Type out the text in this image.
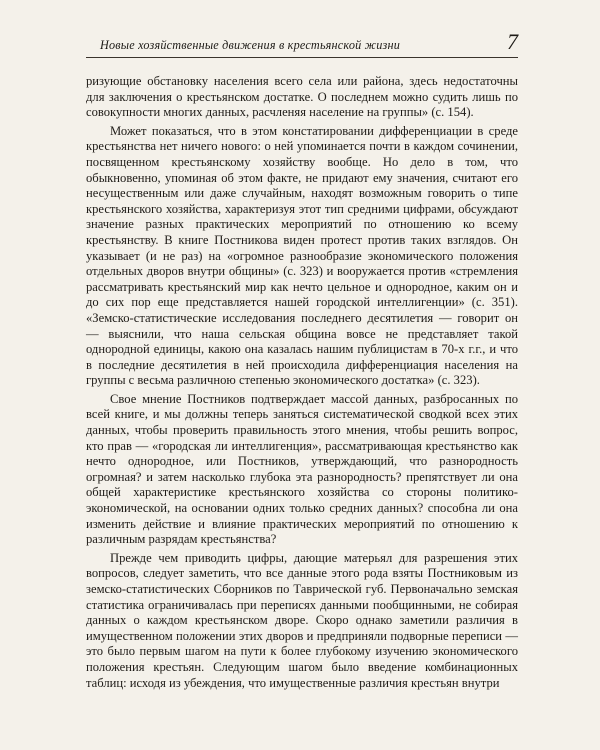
Новые хозяйственные движения в крестьянской жизни	7

ризующие обстановку населения всего села или района, здесь недостаточны для заключения о крестьянском достатке. О последнем можно судить лишь по совокупности многих данных, расчленяя население на группы» (с. 154).

Может показаться, что в этом констатировании дифференциации в среде крестьянства нет ничего нового: о ней упоминается почти в каждом сочинении, посвященном крестьянскому хозяйству вообще. Но дело в том, что обыкновенно, упоминая об этом факте, не придают ему значения, считают его несущественным или даже случайным, находят возможным говорить о типе крестьянского хозяйства, характеризуя этот тип средними цифрами, обсуждают значение разных практических мероприятий по отношению ко всему крестьянству. В книге Постникова виден протест против таких взглядов. Он указывает (и не раз) на «огромное разнообразие экономического положения отдельных дворов внутри общины» (с. 323) и вооружается против «стремления рассматривать крестьянский мир как нечто цельное и однородное, каким он и до сих пор еще представляется нашей городской интеллигенции» (с. 351). «Земско-статистические исследования последнего десятилетия — говорит он — выяснили, что наша сельская община вовсе не представляет такой однородной единицы, какою она казалась нашим публицистам в 70-х г.г., и что в последние десятилетия в ней происходила дифференциация населения на группы с весьма различною степенью экономического достатка» (с. 323).

Свое мнение Постников подтверждает массой данных, разбросанных по всей книге, и мы должны теперь заняться систематической сводкой всех этих данных, чтобы проверить правильность этого мнения, чтобы решить вопрос, кто прав — «городская ли интеллигенция», рассматривающая крестьянство как нечто однородное, или Постников, утверждающий, что разнородность огромная? и затем насколько глубока эта разнородность? препятствует ли она общей характеристике крестьянского хозяйства со стороны политико-экономической, на основании одних только средних данных? способна ли она изменить действие и влияние практических мероприятий по отношению к различным разрядам крестьянства?

Прежде чем приводить цифры, дающие матерьял для разрешения этих вопросов, следует заметить, что все данные этого рода взяты Постниковым из земско-статистических Сборников по Таврической губ. Первоначально земская статистика ограничивалась при переписях данными пообщинными, не собирая данных о каждом крестьянском дворе. Скоро однако заметили различия в имущественном положении этих дворов и предприняли подворные переписи — это было первым шагом на пути к более глубокому изучению экономического положения крестьян. Следующим шагом было введение комбинационных таблиц: исходя из убеждения, что имущественные различия крестьян внутри
